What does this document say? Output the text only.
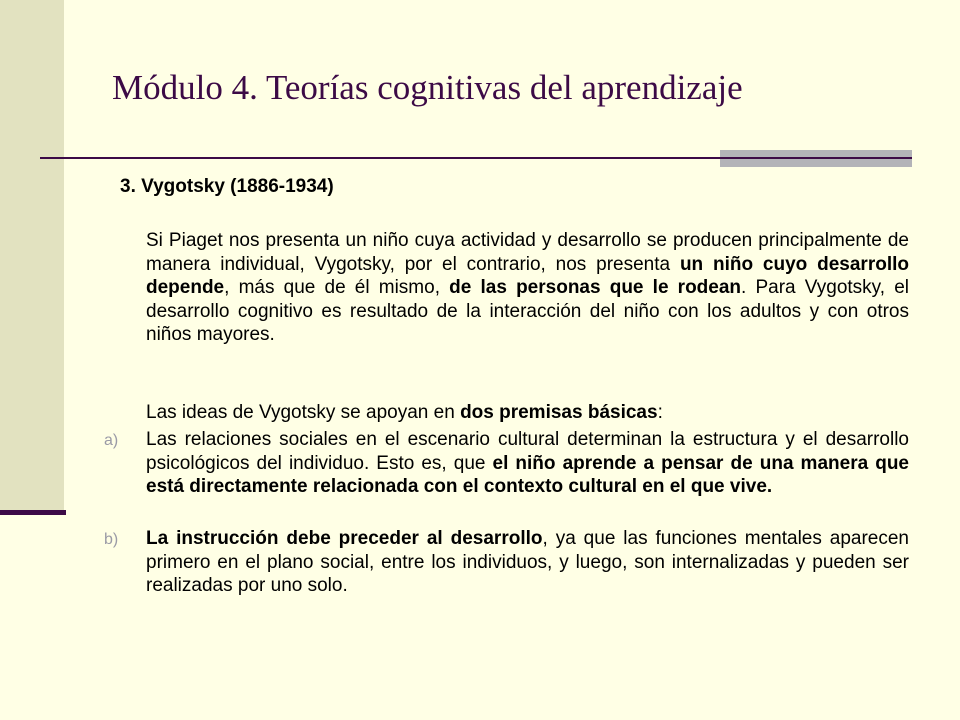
Módulo 4. Teorías cognitivas del aprendizaje

3. Vygotsky (1886-1934)

Si Piaget nos presenta un niño cuya actividad y desarrollo se producen principalmente de manera individual, Vygotsky, por el contrario, nos presenta un niño cuyo desarrollo depende, más que de él mismo, de las personas que le rodean. Para Vygotsky, el desarrollo cognitivo es resultado de la interacción del niño con los adultos y con otros niños mayores.

Las ideas de Vygotsky se apoyan en dos premisas básicas:

a) Las relaciones sociales en el escenario cultural determinan la estructura y el desarrollo psicológicos del individuo. Esto es, que el niño aprende a pensar de una manera que está directamente relacionada con el contexto cultural en el que vive.

b) La instrucción debe preceder al desarrollo, ya que las funciones mentales aparecen primero en el plano social, entre los individuos, y luego, son internalizadas y pueden ser realizadas por uno solo.
